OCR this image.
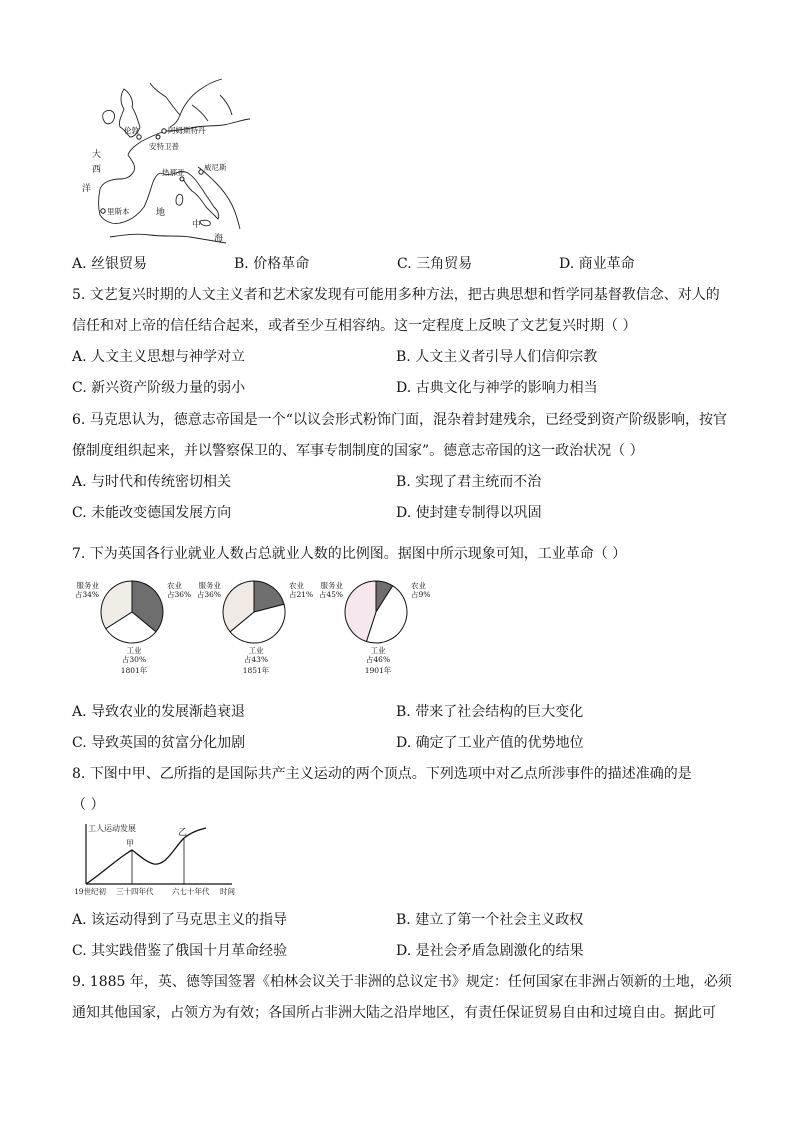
伦敦	阿姆斯特丹
安特卫普
威尼斯
热那亚
里斯本
大
西
洋
地
中
海
A. 丝银贸易	B. 价格革命	C. 三角贸易	D. 商业革命
5. 文艺复兴时期的人文主义者和艺术家发现有可能用多种方法，把古典思想和哲学同基督教信念、对人的
信任和对上帝的信任结合起来，或者至少互相容纳。这一定程度上反映了文艺复兴时期（ ）
A. 人文主义思想与神学对立	B. 人文主义者引导人们信仰宗教
C. 新兴资产阶级力量的弱小	D. 古典文化与神学的影响力相当
6. 马克思认为，德意志帝国是一个“以议会形式粉饰门面，混杂着封建残余，已经受到资产阶级影响，按官
僚制度组织起来，并以警察保卫的、军事专制制度的国家”。德意志帝国的这一政治状况（ ）
A. 与时代和传统密切相关	B. 实现了君主统而不治
C. 未能改变德国发展方向	D. 使封建专制得以巩固
7. 下为英国各行业就业人数占总就业人数的比例图。据图中所示现象可知，工业革命（ ）
服务业
占34%
农业
占36%
工业
占30%
1801年
服务业
占36%
农业
占21%
工业
占43%
1851年
服务业
占45%
农业
占9%
工业
占46%
1901年
A. 导致农业的发展渐趋衰退	B. 带来了社会结构的巨大变化
C. 导致英国的贫富分化加剧	D. 确定了工业产值的优势地位
8. 下图中甲、乙所指的是国际共产主义运动的两个顶点。下列选项中对乙点所涉事件的描述准确的是
（ ）
工人运动发展
甲
乙
19世纪初 三十四年代 六七十年代 时间
A. 该运动得到了马克思主义的指导	B. 建立了第一个社会主义政权
C. 其实践借鉴了俄国十月革命经验	D. 是社会矛盾急剧激化的结果
9. 1885 年，英、德等国签署《柏林会议关于非洲的总议定书》规定：任何国家在非洲占领新的土地，必须
通知其他国家，占领方为有效；各国所占非洲大陆之沿岸地区，有责任保证贸易自由和过境自由。据此可
